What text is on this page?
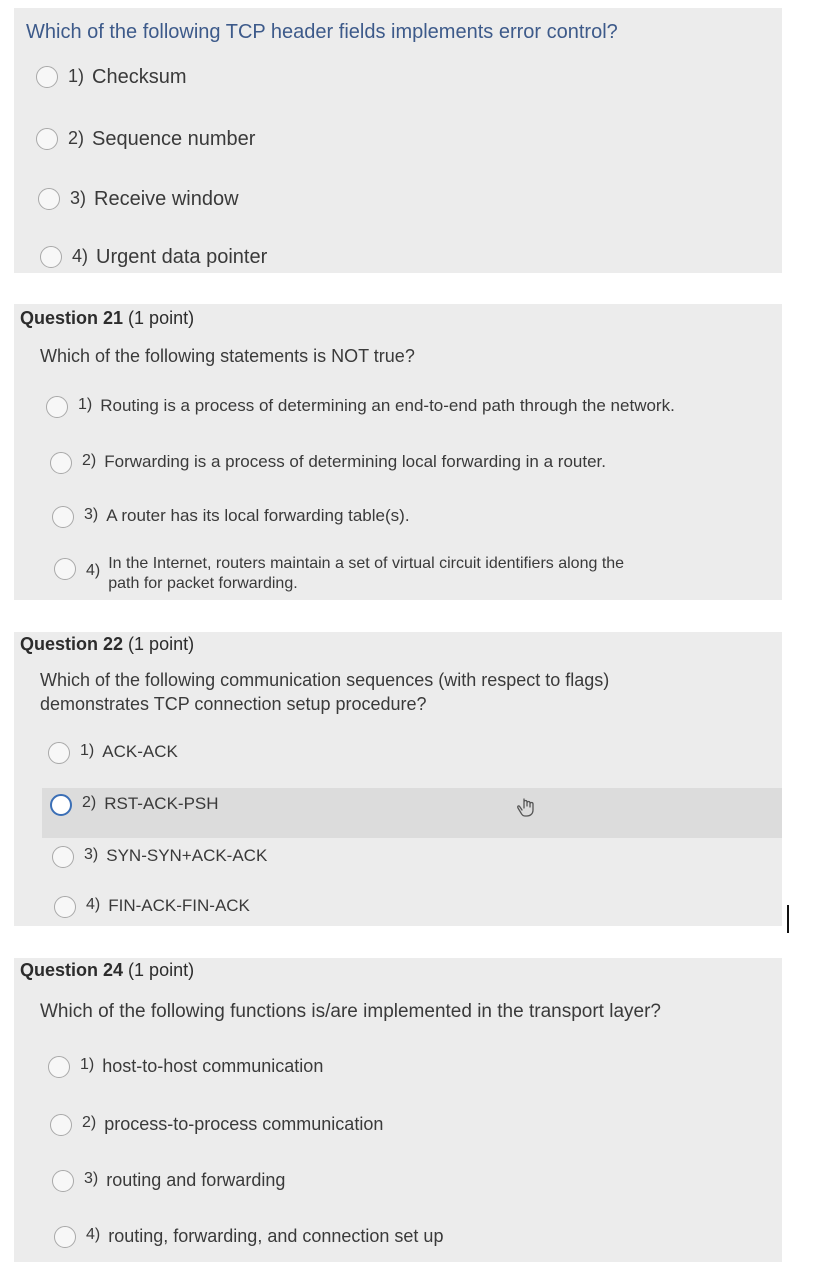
Which of the following TCP header fields implements error control?
1) Checksum
2) Sequence number
3) Receive window
4) Urgent data pointer
Question 21 (1 point)
Which of the following statements is NOT true?
1) Routing is a process of determining an end-to-end path through the network.
2) Forwarding is a process of determining local forwarding in a router.
3) A router has its local forwarding table(s).
4) In the Internet, routers maintain a set of virtual circuit identifiers along the
path for packet forwarding.
Question 22 (1 point)
Which of the following communication sequences (with respect to flags)
demonstrates TCP connection setup procedure?
1) ACK-ACK
2) RST-ACK-PSH
3) SYN-SYN+ACK-ACK
4) FIN-ACK-FIN-ACK
Question 24 (1 point)
Which of the following functions is/are implemented in the transport layer?
1) host-to-host communication
2) process-to-process communication
3) routing and forwarding
4) routing, forwarding, and connection set up
